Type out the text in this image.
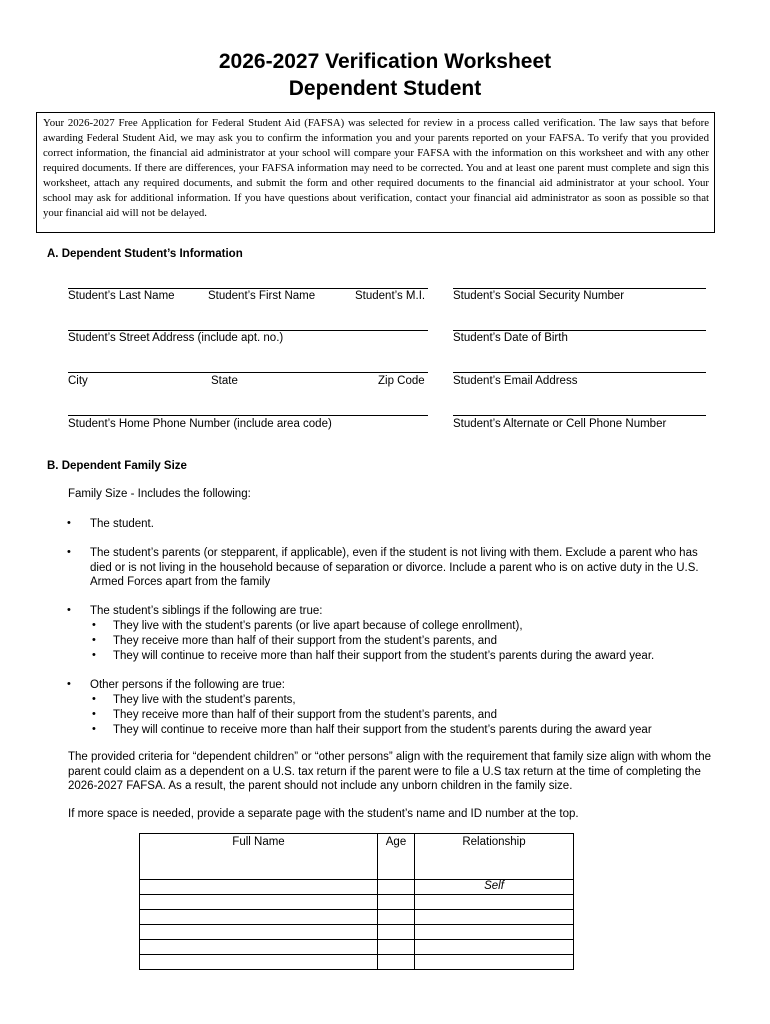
2026-2027 Verification Worksheet
Dependent Student
Your 2026-2027 Free Application for Federal Student Aid (FAFSA) was selected for review in a process called verification. The law says that before awarding Federal Student Aid, we may ask you to confirm the information you and your parents reported on your FAFSA. To verify that you provided correct information, the financial aid administrator at your school will compare your FAFSA with the information on this worksheet and with any other required documents. If there are differences, your FAFSA information may need to be corrected. You and at least one parent must complete and sign this worksheet, attach any required documents, and submit the form and other required documents to the financial aid administrator at your school. Your school may ask for additional information. If you have questions about verification, contact your financial aid administrator as soon as possible so that your financial aid will not be delayed.
A. Dependent Student’s Information
Student’s Last Name	Student’s First Name	Student’s M.I. Student’s Social Security Number
Student’s Street Address (include apt. no.)	Student’s Date of Birth
City	State	Zip Code Student’s Email Address
Student’s Home Phone Number (include area code)	Student’s Alternate or Cell Phone Number
B. Dependent Family Size
Family Size - Includes the following:
• The student.
• The student’s parents (or stepparent, if applicable), even if the student is not living with them. Exclude a parent who has died or is not living in the household because of separation or divorce. Include a parent who is on active duty in the U.S. Armed Forces apart from the family
• The student’s siblings if the following are true:
• They live with the student’s parents (or live apart because of college enrollment),
• They receive more than half of their support from the student’s parents, and
• They will continue to receive more than half their support from the student’s parents during the award year.
• Other persons if the following are true:
• They live with the student’s parents,
• They receive more than half of their support from the student’s parents, and
• They will continue to receive more than half their support from the student’s parents during the award year
The provided criteria for “dependent children” or “other persons” align with the requirement that family size align with whom the parent could claim as a dependent on a U.S. tax return if the parent were to file a U.S tax return at the time of completing the 2026-2027 FAFSA. As a result, the parent should not include any unborn children in the family size.
If more space is needed, provide a separate page with the student’s name and ID number at the top.
Full Name	Age	Relationship
		Self
